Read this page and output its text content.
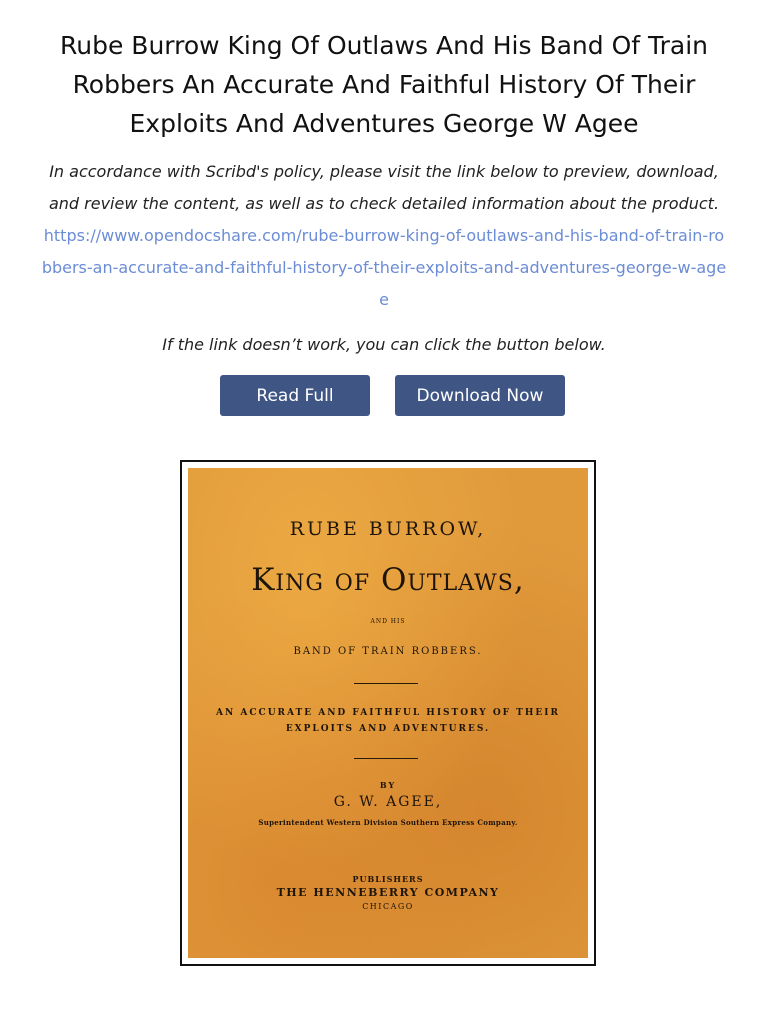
Rube Burrow King Of Outlaws And His Band Of Train Robbers An Accurate And Faithful History Of Their Exploits And Adventures George W Agee

In accordance with Scribd's policy, please visit the link below to preview, download, and review the content, as well as to check detailed information about the product.

https://www.opendocshare.com/rube-burrow-king-of-outlaws-and-his-band-of-train-robbers-an-accurate-and-faithful-history-of-their-exploits-and-adventures-george-w-agee

If the link doesn’t work, you can click the button below.

Read Full	Download Now

RUBE BURROW,

King of Outlaws,

AND HIS

BAND OF TRAIN ROBBERS.

AN ACCURATE AND FAITHFUL HISTORY OF THEIR

EXPLOITS AND ADVENTURES.

BY

G. W. AGEE,

Superintendent Western Division Southern Express Company.

PUBLISHERS

THE HENNEBERRY COMPANY

CHICAGO
